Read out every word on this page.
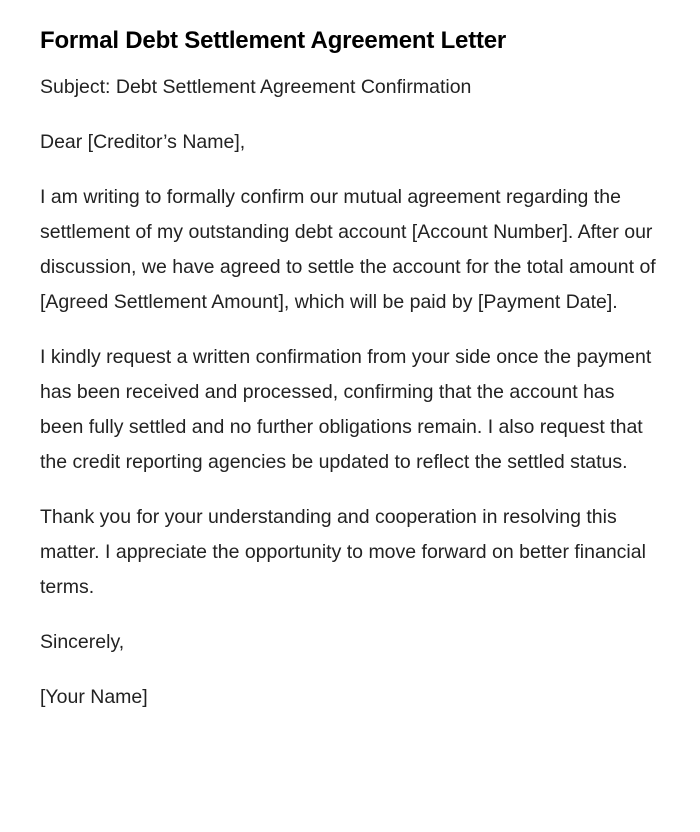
Formal Debt Settlement Agreement Letter

Subject: Debt Settlement Agreement Confirmation

Dear [Creditor’s Name],

I am writing to formally confirm our mutual agreement regarding the settlement of my outstanding debt account [Account Number]. After our discussion, we have agreed to settle the account for the total amount of [Agreed Settlement Amount], which will be paid by [Payment Date].

I kindly request a written confirmation from your side once the payment has been received and processed, confirming that the account has been fully settled and no further obligations remain. I also request that the credit reporting agencies be updated to reflect the settled status.

Thank you for your understanding and cooperation in resolving this matter. I appreciate the opportunity to move forward on better financial terms.

Sincerely,

[Your Name]
